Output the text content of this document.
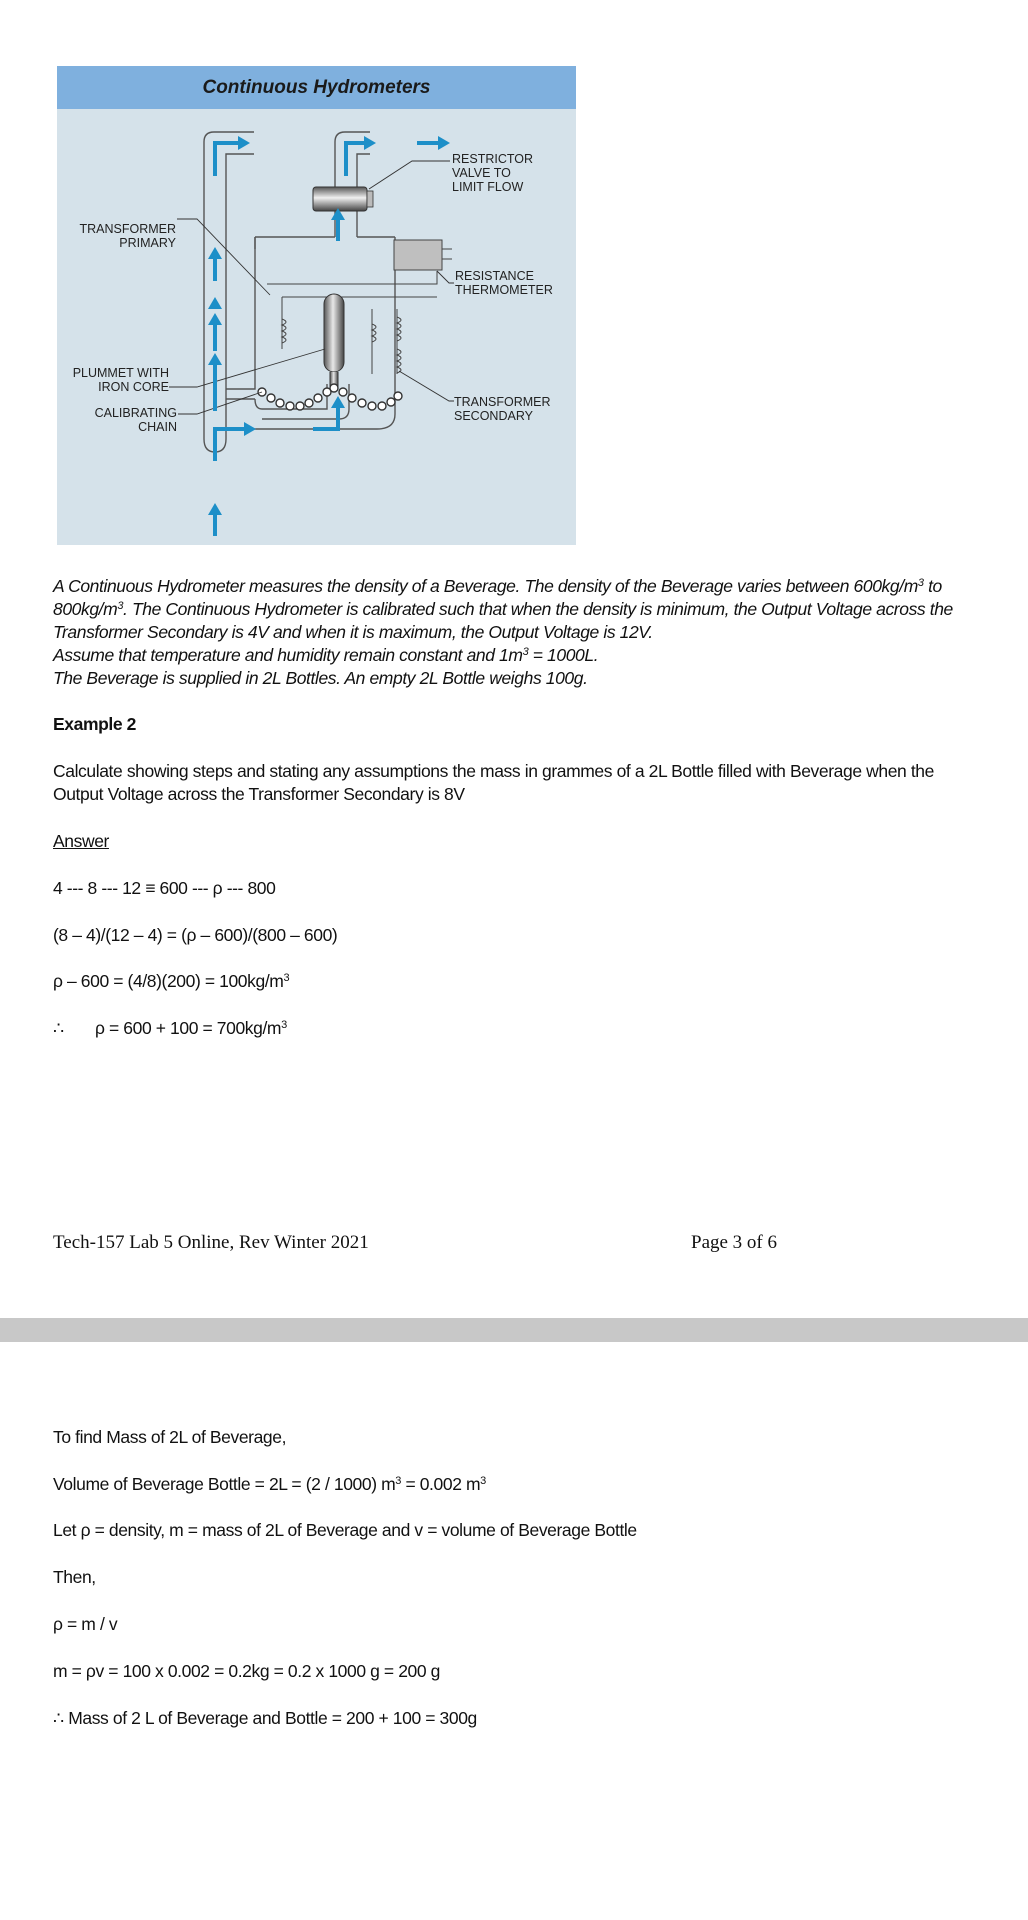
Continuous Hydrometers
RESTRICTOR
VALVE TO
LIMIT FLOW
RESISTANCE
THERMOMETER
TRANSFORMER
SECONDARY
TRANSFORMER
PRIMARY
PLUMMET WITH
IRON CORE
CALIBRATING
CHAIN
A Continuous Hydrometer measures the density of a Beverage. The density of the Beverage varies between $600kg/m^3$ to
$800kg/m^3$. The Continuous Hydrometer is calibrated such that when the density is minimum, the Output Voltage across the
Transformer Secondary is 4V and when it is maximum, the Output Voltage is 12V.
Assume that temperature and humidity remain constant and $1m^3 = 1000L$.
The Beverage is supplied in 2L Bottles. An empty 2L Bottle weighs 100g.
Example 2
Calculate showing steps and stating any assumptions the mass in grammes of a 2L Bottle filled with Beverage when the
Output Voltage across the Transformer Secondary is 8V
Answer
4 --- 8 --- 12 ≡ 600 --- ρ --- 800
(8 – 4)/(12 – 4) = (ρ – 600)/(800 – 600)
$\rho - 600 = (4/8)(200) = 100kg/m^3$
∴ $\rho = 600 + 100 = 700kg/m^3$
Tech-157 Lab 5 Online, Rev Winter 2021	Page 3 of 6
To find Mass of 2L of Beverage,
Volume of Beverage Bottle = 2L = (2 / 1000) $m^3 = 0.002$ $m^3$
Let ρ = density, m = mass of 2L of Beverage and v = volume of Beverage Bottle
Then,
ρ = m / v
m = ρv = 100 x 0.002 = 0.2kg = 0.2 x 1000 g = 200 g
∴ Mass of 2 L of Beverage and Bottle = 200 + 100 = 300g
